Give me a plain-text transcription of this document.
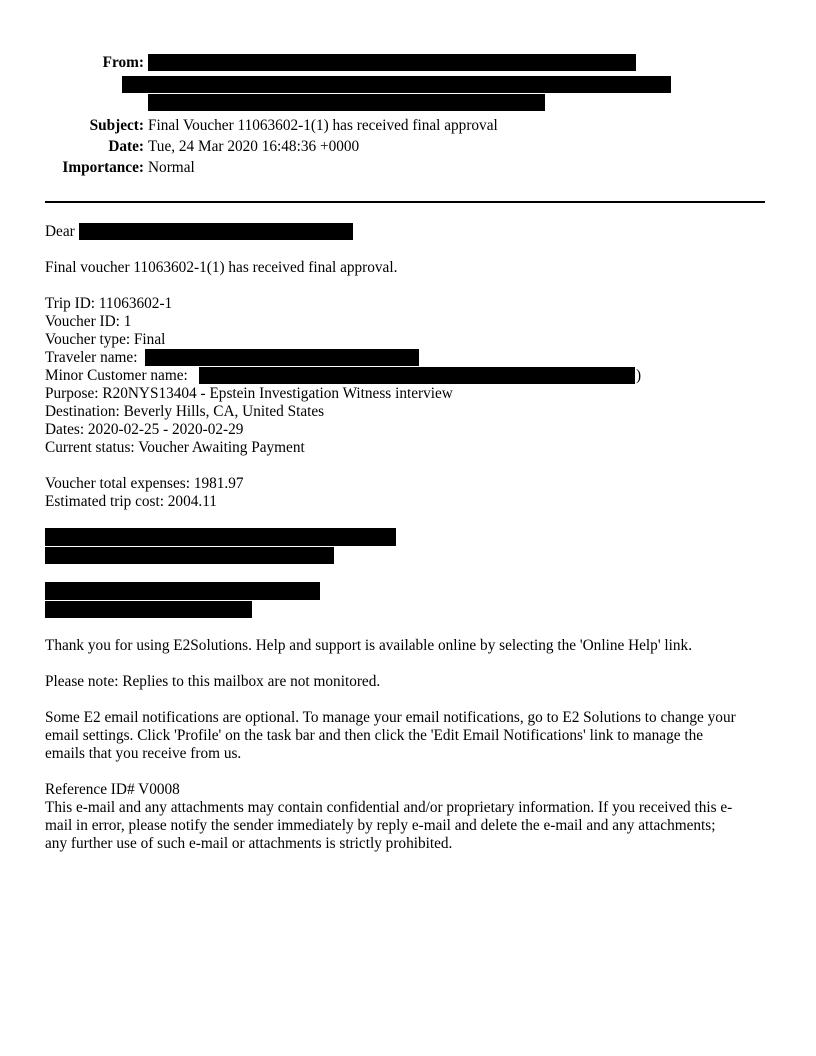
From:
Subject: Final Voucher 11063602-1(1) has received final approval
Date: Tue, 24 Mar 2020 16:48:36 +0000
Importance: Normal
Dear
Final voucher 11063602-1(1) has received final approval.
Trip ID: 11063602-1
Voucher ID: 1
Voucher type: Final
Traveler name:
Minor Customer name:	)
Purpose: R20NYS13404 - Epstein Investigation Witness interview
Destination: Beverly Hills, CA, United States
Dates: 2020-02-25 - 2020-02-29
Current status: Voucher Awaiting Payment
Voucher total expenses: 1981.97
Estimated trip cost: 2004.11
Thank you for using E2Solutions. Help and support is available online by selecting the 'Online Help' link.
Please note: Replies to this mailbox are not monitored.
Some E2 email notifications are optional. To manage your email notifications, go to E2 Solutions to change your
email settings. Click 'Profile' on the task bar and then click the 'Edit Email Notifications' link to manage the
emails that you receive from us.
Reference ID# V0008
This e-mail and any attachments may contain confidential and/or proprietary information. If you received this e-
mail in error, please notify the sender immediately by reply e-mail and delete the e-mail and any attachments;
any further use of such e-mail or attachments is strictly prohibited.
